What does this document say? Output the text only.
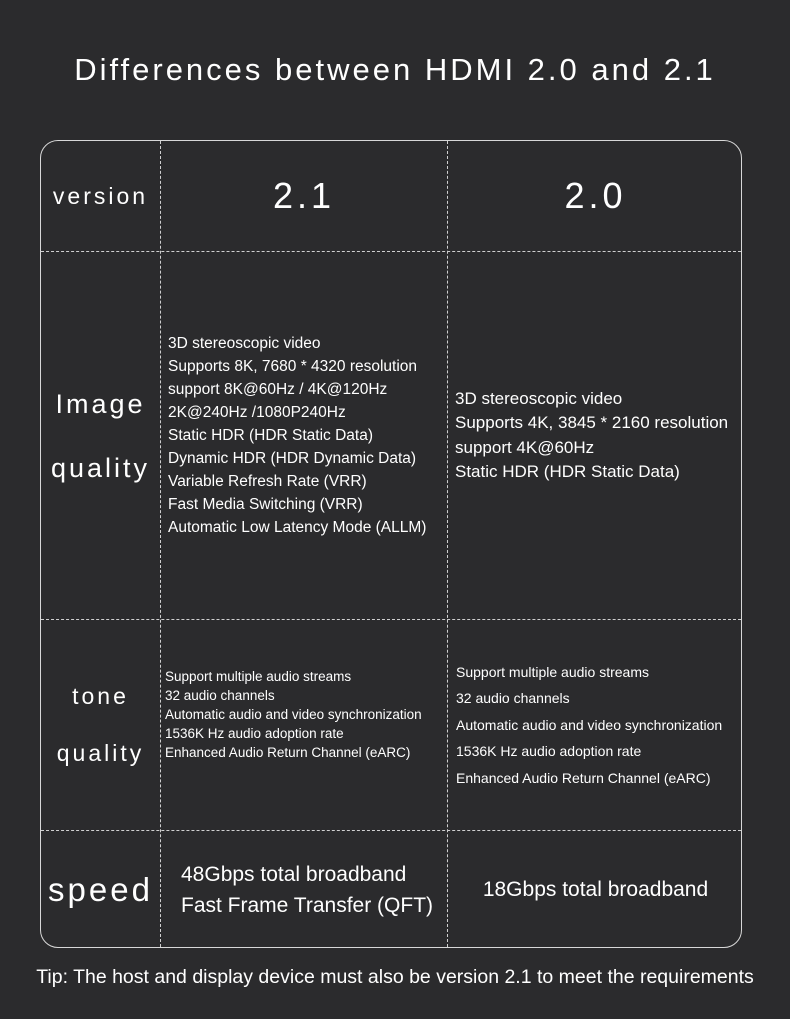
Differences between HDMI 2.0 and 2.1
version	2.1	2.0
Image
quality
3D stereoscopic video
Supports 8K, 7680 * 4320 resolution
support 8K@60Hz / 4K@120Hz
2K@240Hz /1080P240Hz
Static HDR (HDR Static Data)
Dynamic HDR (HDR Dynamic Data)
Variable Refresh Rate (VRR)
Fast Media Switching (VRR)
Automatic Low Latency Mode (ALLM)
3D stereoscopic video
Supports 4K, 3845 * 2160 resolution
support 4K@60Hz
Static HDR (HDR Static Data)
tone
quality
Support multiple audio streams
32 audio channels
Automatic audio and video synchronization
1536K Hz audio adoption rate
Enhanced Audio Return Channel (eARC)
Support multiple audio streams
32 audio channels
Automatic audio and video synchronization
1536K Hz audio adoption rate
Enhanced Audio Return Channel (eARC)
speed 48Gbps total broadband
Fast Frame Transfer (QFT)
18Gbps total broadband
Tip: The host and display device must also be version 2.1 to meet the requirements
